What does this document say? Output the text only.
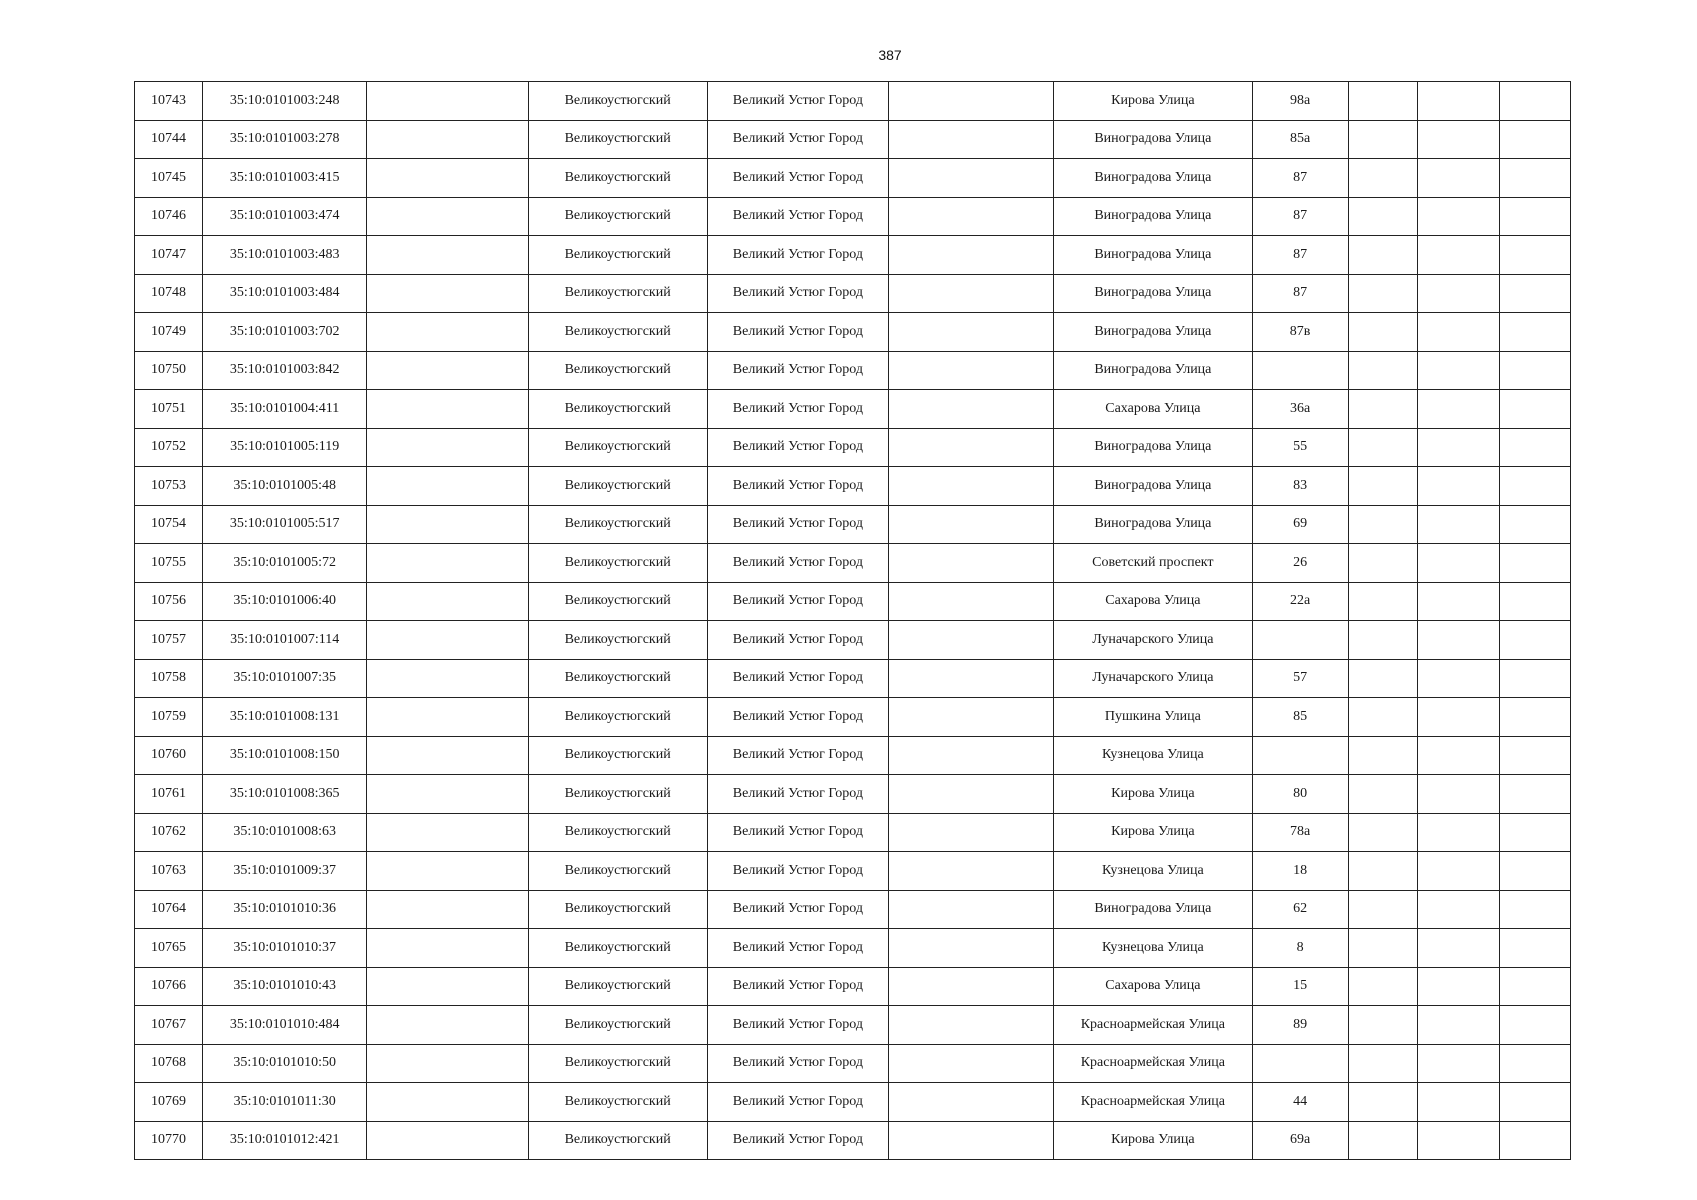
387
10743	35:10:0101003:248		Великоустюгский	Великий Устюг Город		Кирова Улица	98а			
10744	35:10:0101003:278		Великоустюгский	Великий Устюг Город		Виноградова Улица	85а			
10745	35:10:0101003:415		Великоустюгский	Великий Устюг Город		Виноградова Улица	87			
10746	35:10:0101003:474		Великоустюгский	Великий Устюг Город		Виноградова Улица	87			
10747	35:10:0101003:483		Великоустюгский	Великий Устюг Город		Виноградова Улица	87			
10748	35:10:0101003:484		Великоустюгский	Великий Устюг Город		Виноградова Улица	87			
10749	35:10:0101003:702		Великоустюгский	Великий Устюг Город		Виноградова Улица	87в			
10750	35:10:0101003:842		Великоустюгский	Великий Устюг Город		Виноградова Улица				
10751	35:10:0101004:411		Великоустюгский	Великий Устюг Город		Сахарова Улица	36а			
10752	35:10:0101005:119		Великоустюгский	Великий Устюг Город		Виноградова Улица	55			
10753	35:10:0101005:48		Великоустюгский	Великий Устюг Город		Виноградова Улица	83			
10754	35:10:0101005:517		Великоустюгский	Великий Устюг Город		Виноградова Улица	69			
10755	35:10:0101005:72		Великоустюгский	Великий Устюг Город		Советский проспект	26			
10756	35:10:0101006:40		Великоустюгский	Великий Устюг Город		Сахарова Улица	22а			
10757	35:10:0101007:114		Великоустюгский	Великий Устюг Город		Луначарского Улица				
10758	35:10:0101007:35		Великоустюгский	Великий Устюг Город		Луначарского Улица	57			
10759	35:10:0101008:131		Великоустюгский	Великий Устюг Город		Пушкина Улица	85			
10760	35:10:0101008:150		Великоустюгский	Великий Устюг Город		Кузнецова Улица				
10761	35:10:0101008:365		Великоустюгский	Великий Устюг Город		Кирова Улица	80			
10762	35:10:0101008:63		Великоустюгский	Великий Устюг Город		Кирова Улица	78а			
10763	35:10:0101009:37		Великоустюгский	Великий Устюг Город		Кузнецова Улица	18			
10764	35:10:0101010:36		Великоустюгский	Великий Устюг Город		Виноградова Улица	62			
10765	35:10:0101010:37		Великоустюгский	Великий Устюг Город		Кузнецова Улица	8			
10766	35:10:0101010:43		Великоустюгский	Великий Устюг Город		Сахарова Улица	15			
10767	35:10:0101010:484		Великоустюгский	Великий Устюг Город		Красноармейская Улица	89			
10768	35:10:0101010:50		Великоустюгский	Великий Устюг Город		Красноармейская Улица				
10769	35:10:0101011:30		Великоустюгский	Великий Устюг Город		Красноармейская Улица	44			
10770	35:10:0101012:421		Великоустюгский	Великий Устюг Город		Кирова Улица	69а			
